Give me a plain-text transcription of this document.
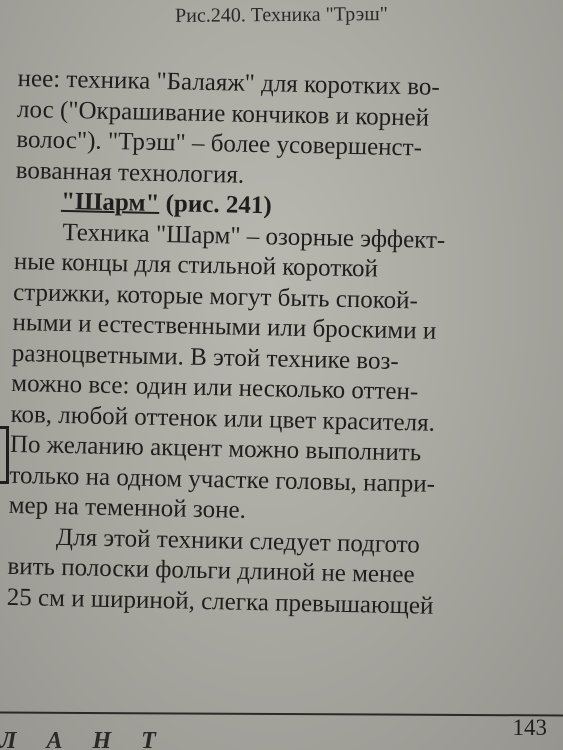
Рис.240. Техника "Трэш"
нее: техника "Балаяж" для коротких во-
лос ("Окрашивание кончиков и корней
волос"). "Трэш" – более усовершенст-
вованная технология.
"Шарм" (рис. 241)
Техника "Шарм" – озорные эффект-
ные концы для стильной короткой
стрижки, которые могут быть спокой-
ными и естественными или броскими и
разноцветными. В этой технике воз-
можно все: один или несколько оттен-
ков, любой оттенок или цвет красителя.
По желанию акцент можно выполнить
только на одном участке головы, напри-
мер на теменной зоне.
Для этой техники следует подгото
вить полоски фольги длиной не менее
25 см и шириной, слегка превышающей
143
Л А Н Т
